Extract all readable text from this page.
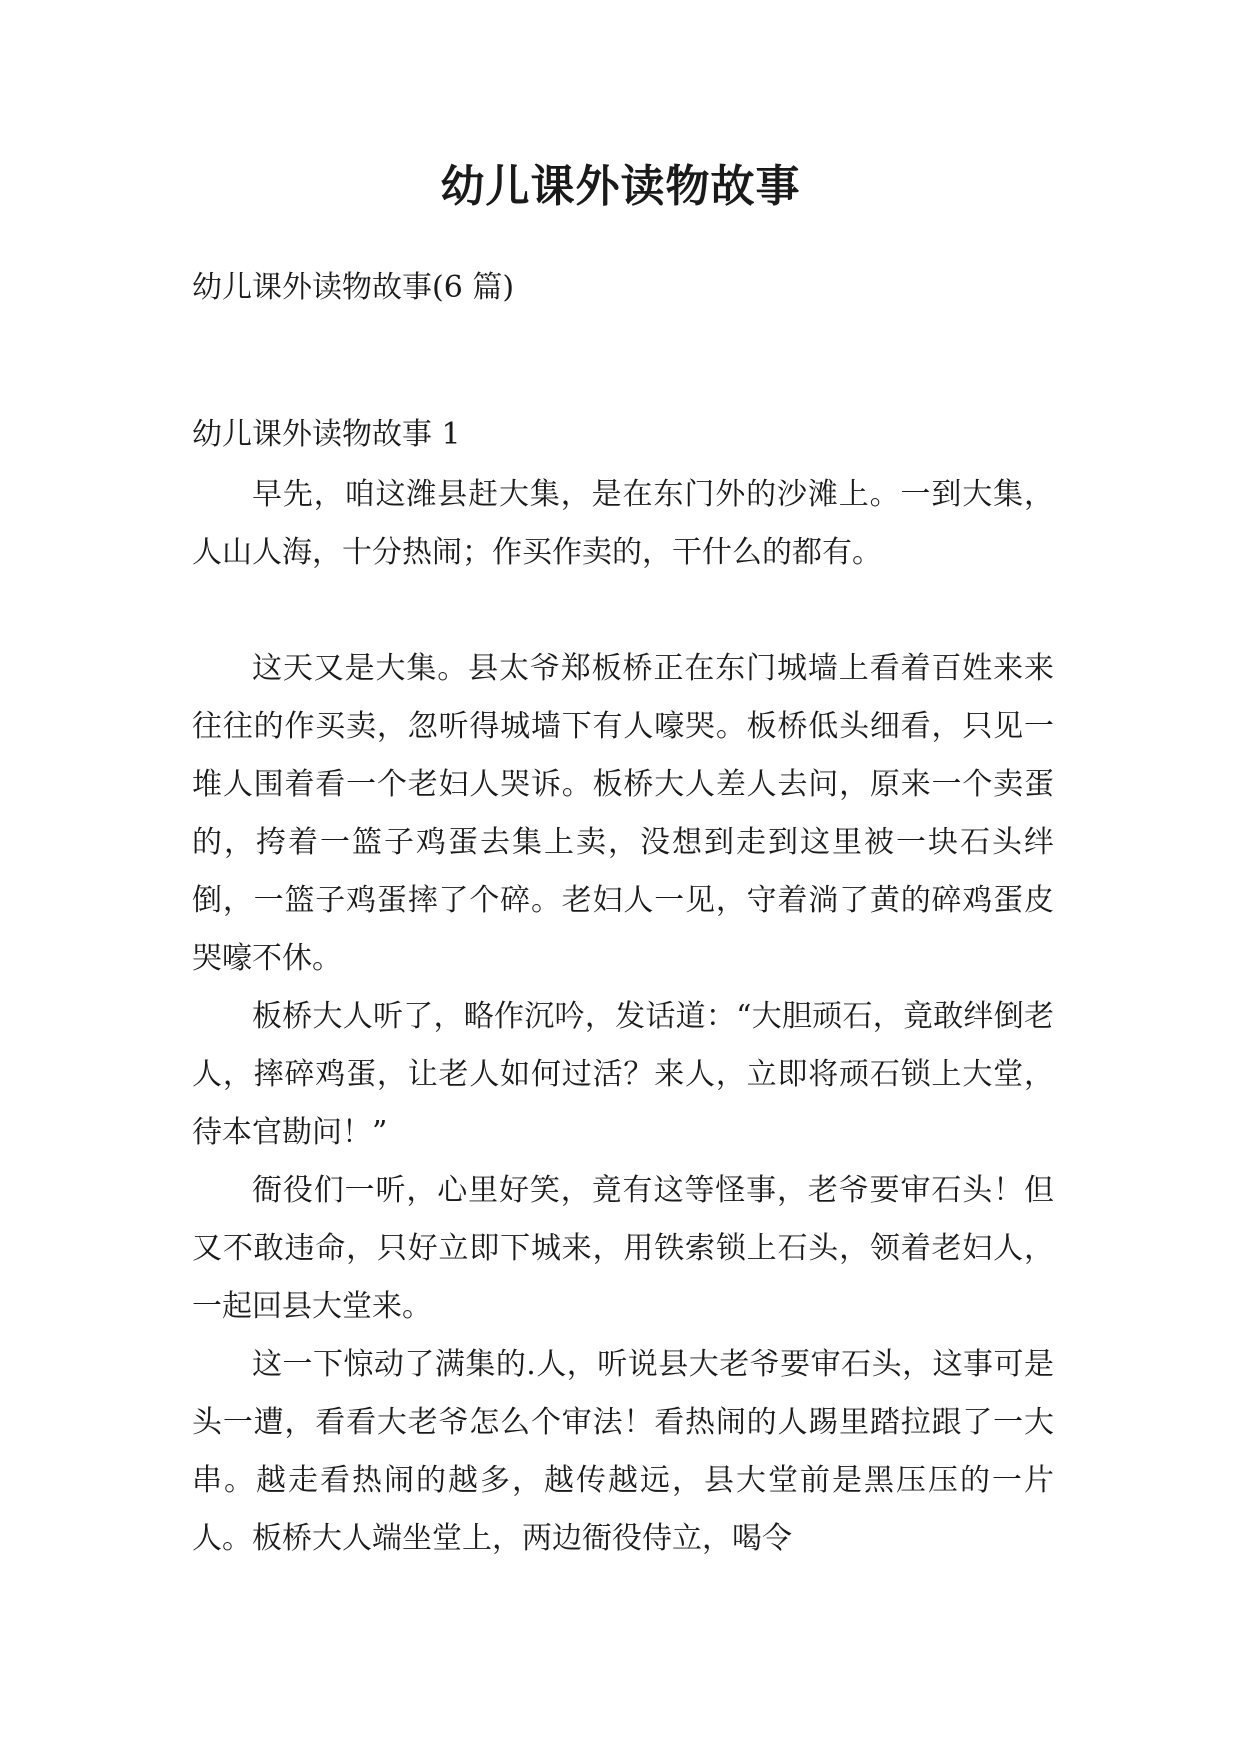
幼儿课外读物故事

幼儿课外读物故事(6 篇)

幼儿课外读物故事 1

早先，咱这潍县赶大集，是在东门外的沙滩上。一到大集，人山人海，十分热闹；作买作卖的，干什么的都有。

这天又是大集。县太爷郑板桥正在东门城墙上看着百姓来来往往的作买卖，忽听得城墙下有人嚎哭。板桥低头细看，只见一堆人围着看一个老妇人哭诉。板桥大人差人去问，原来一个卖蛋的，挎着一篮子鸡蛋去集上卖，没想到走到这里被一块石头绊倒，一篮子鸡蛋摔了个碎。老妇人一见，守着淌了黄的碎鸡蛋皮哭嚎不休。

板桥大人听了，略作沉吟，发话道：“大胆顽石，竟敢绊倒老人，摔碎鸡蛋，让老人如何过活？来人，立即将顽石锁上大堂，待本官勘问！”

衙役们一听，心里好笑，竟有这等怪事，老爷要审石头！但又不敢违命，只好立即下城来，用铁索锁上石头，领着老妇人，一起回县大堂来。

这一下惊动了满集的.人，听说县大老爷要审石头，这事可是头一遭，看看大老爷怎么个审法！看热闹的人踢里踏拉跟了一大串。越走看热闹的越多，越传越远，县大堂前是黑压压的一片人。板桥大人端坐堂上，两边衙役侍立，喝令
